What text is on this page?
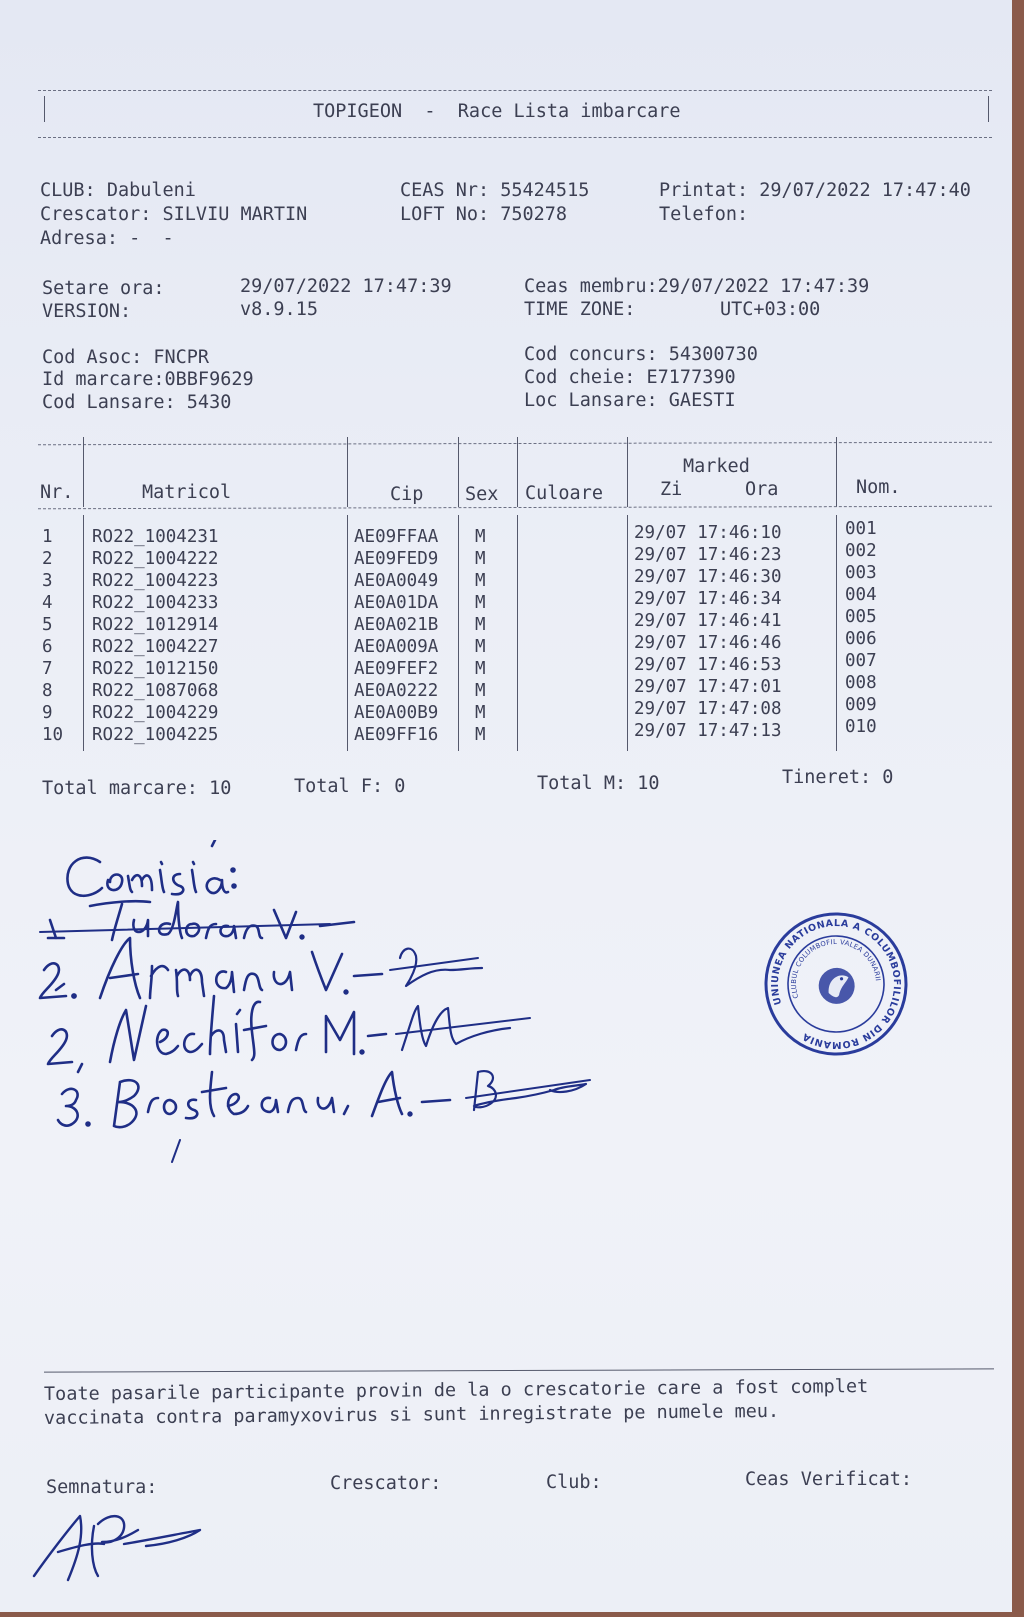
TOPIGEON  -  Race Lista imbarcare
CLUB: Dabuleni
Crescator: SILVIU MARTIN
Adresa: -  -
CEAS Nr: 55424515
LOFT No: 750278
Printat: 29/07/2022 17:47:40
Telefon:
Setare ora:	29/07/2022 17:47:39
VERSION:	v8.9.15
Ceas membru:29/07/2022 17:47:39
TIME ZONE:	UTC+03:00
Cod Asoc: FNCPR
Id marcare:0BBF9629
Cod Lansare: 5430
Cod concurs: 54300730
Cod cheie: E7177390
Loc Lansare: GAESTI
Nr.	Matricol	Cip Sex Culoare
Marked
Zi	Ora	Nom.
1 RO22_1004231	AE09FFAA M	29/07 17:46:10	001
2 RO22_1004222	AE09FED9 M	29/07 17:46:23	002
3 RO22_1004223	AE0A0049 M	29/07 17:46:30	003
4 RO22_1004233	AE0A01DA M	29/07 17:46:34	004
5 RO22_1012914	AE0A021B M	29/07 17:46:41	005
6 RO22_1004227	AE0A009A M	29/07 17:46:46	006
7 RO22_1012150	AE09FEF2 M	29/07 17:46:53	007
8 RO22_1087068	AE0A0222 M	29/07 17:47:01	008
9 RO22_1004229	AE0A00B9 M	29/07 17:47:08	009
10 RO22_1004225	AE09FF16 M	29/07 17:47:13	010
Total marcare: 10	Total F: 0	Total M: 10	Tineret: 0
UNIUNEA NATIONALA A COLUMBOFILILOR DIN ROMANIA
CLUBUL COLUMBOFIL VALEA DUNARII
Toate pasarile participante provin de la o crescatorie care a fost complet
vaccinata contra paramyxovirus si sunt inregistrate pe numele meu.
Semnatura:	Crescator:	Club:	Ceas Verificat:
